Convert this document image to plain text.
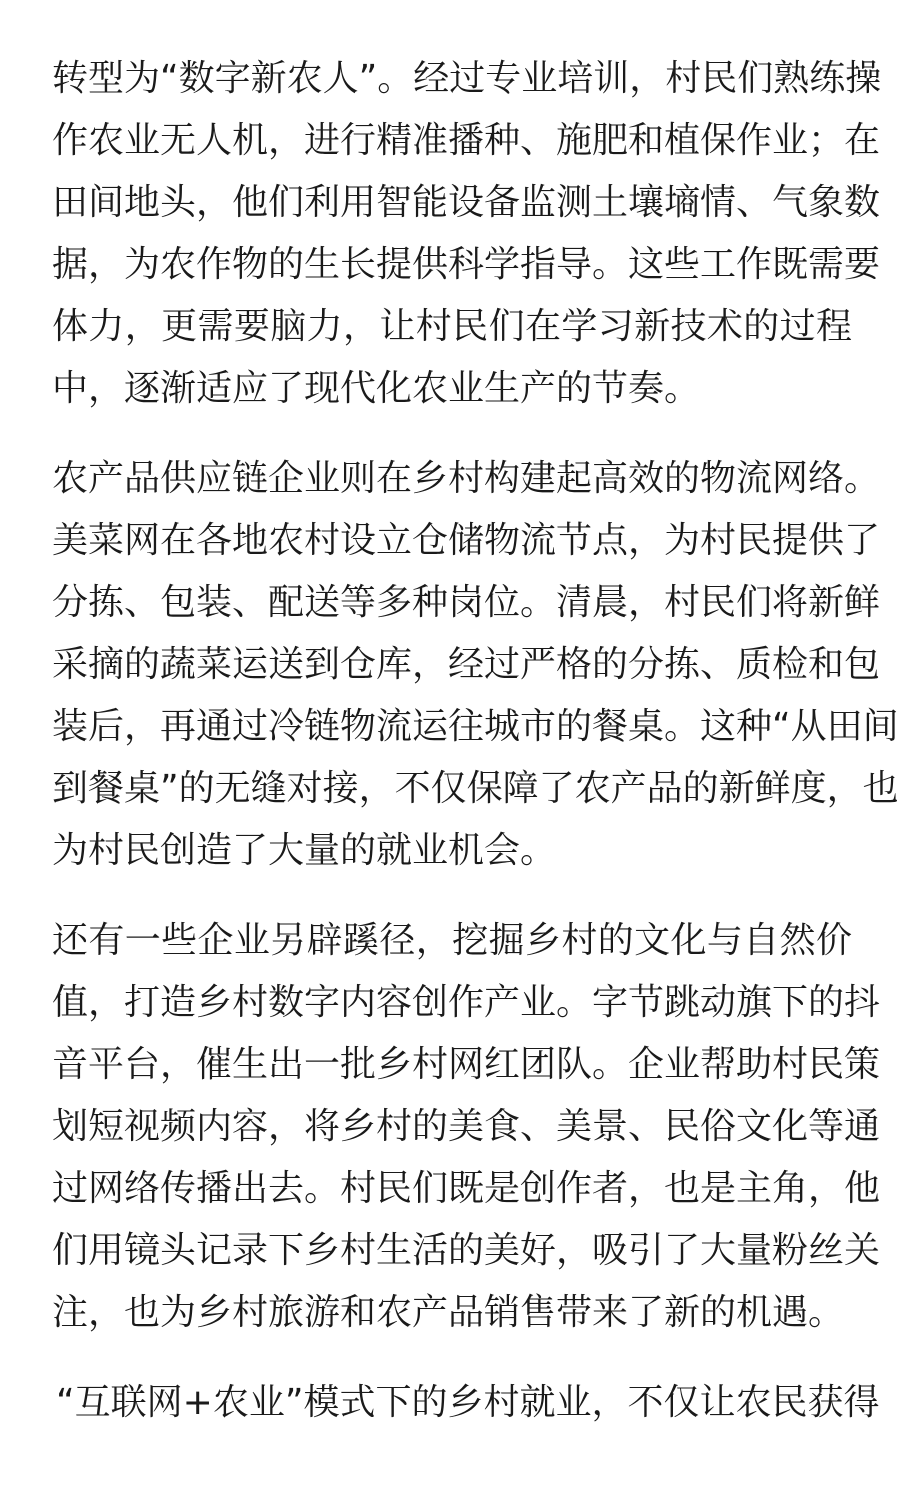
转型为“数字新农人”。经过专业培训，村民们熟练操
作农业无人机，进行精准播种、施肥和植保作业；在
田间地头，他们利用智能设备监测土壤墒情、气象数
据，为农作物的生长提供科学指导。这些工作既需要
体力，更需要脑力，让村民们在学习新技术的过程
中，逐渐适应了现代化农业生产的节奏。

农产品供应链企业则在乡村构建起高效的物流网络。
美菜网在各地农村设立仓储物流节点，为村民提供了
分拣、包装、配送等多种岗位。清晨，村民们将新鲜
采摘的蔬菜运送到仓库，经过严格的分拣、质检和包
装后，再通过冷链物流运往城市的餐桌。这种“从田间
到餐桌”的无缝对接，不仅保障了农产品的新鲜度，也
为村民创造了大量的就业机会。

还有一些企业另辟蹊径，挖掘乡村的文化与自然价
值，打造乡村数字内容创作产业。字节跳动旗下的抖
音平台，催生出一批乡村网红团队。企业帮助村民策
划短视频内容，将乡村的美食、美景、民俗文化等通
过网络传播出去。村民们既是创作者，也是主角，他
们用镜头记录下乡村生活的美好，吸引了大量粉丝关
注，也为乡村旅游和农产品销售带来了新的机遇。

“互联网+农业”模式下的乡村就业，不仅让农民获得
